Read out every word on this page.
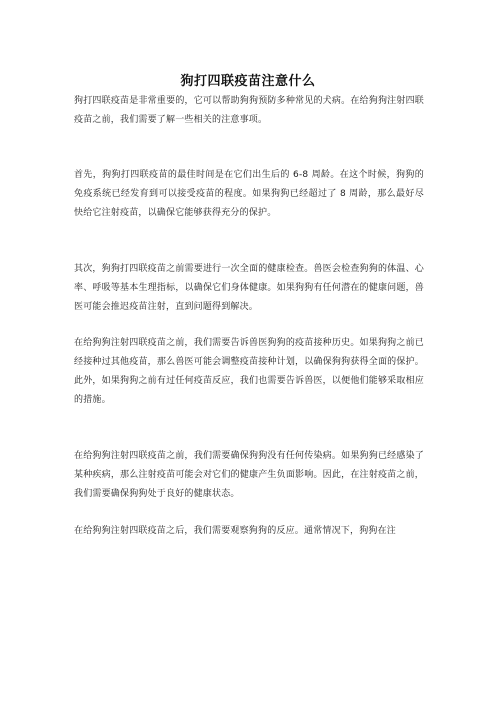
狗打四联疫苗注意什么

狗打四联疫苗是非常重要的，它可以帮助狗狗预防多种常见的犬病。在给狗狗注射四联疫苗之前，我们需要了解一些相关的注意事项。

首先，狗狗打四联疫苗的最佳时间是在它们出生后的 6-8 周龄。在这个时候，狗狗的免疫系统已经发育到可以接受疫苗的程度。如果狗狗已经超过了 8 周龄，那么最好尽快给它注射疫苗，以确保它能够获得充分的保护。

其次，狗狗打四联疫苗之前需要进行一次全面的健康检查。兽医会检查狗狗的体温、心率、呼吸等基本生理指标，以确保它们身体健康。如果狗狗有任何潜在的健康问题，兽医可能会推迟疫苗注射，直到问题得到解决。

在给狗狗注射四联疫苗之前，我们需要告诉兽医狗狗的疫苗接种历史。如果狗狗之前已经接种过其他疫苗，那么兽医可能会调整疫苗接种计划，以确保狗狗获得全面的保护。此外，如果狗狗之前有过任何疫苗反应，我们也需要告诉兽医，以便他们能够采取相应的措施。

在给狗狗注射四联疫苗之前，我们需要确保狗狗没有任何传染病。如果狗狗已经感染了某种疾病，那么注射疫苗可能会对它们的健康产生负面影响。因此，在注射疫苗之前，我们需要确保狗狗处于良好的健康状态。

在给狗狗注射四联疫苗之后，我们需要观察狗狗的反应。通常情况下，狗狗在注
